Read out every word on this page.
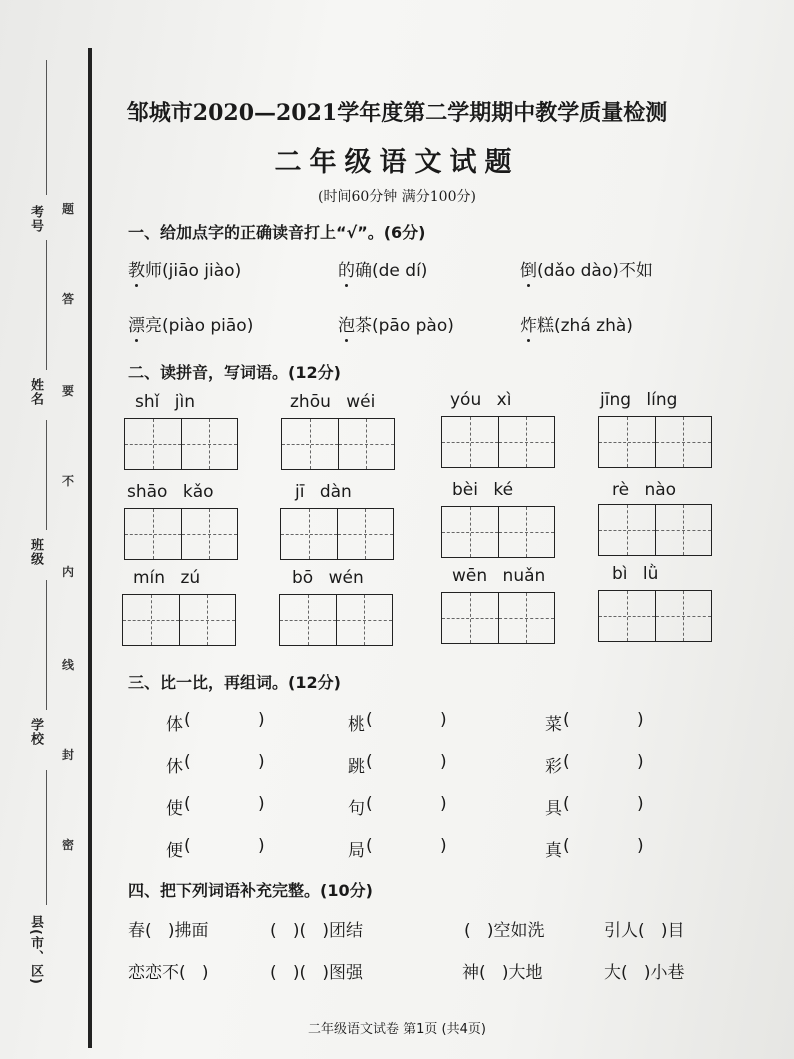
考号
姓名
班级
学校
县(市、区)
题
答
要
不
内
线
封
密
邹城市2020—2021学年度第二学期期中教学质量检测
二年级语文试题
(时间60分钟 满分100分)
一、给加点字的正确读音打上“√”。(6分)
教师(jiāo jiào)	的确(de dí)	倒(dǎo dào)不如
漂亮(piào piāo)	泡茶(pāo pào)	炸糕(zhá zhà)
二、读拼音，写词语。(12分)
shǐ jìn	zhōu wéi	yóu xì	jīng líng
shāo kǎo	jī dàn	bèi ké	rè nào
mín zú	bō wén	wēn nuǎn	bì lǜ
三、比一比，再组词。(12分)
体 (	)	桃 (	)	菜 (	)
休 (	)	跳 (	)	彩 (	)
使 (	)	句 (	)	具 (	)
便 (	)	局 (	)	真 (	)
四、把下列词语补充完整。(10分)
春(   )拂面	(   )(   )团结	(   )空如洗	引人(   )目
恋恋不(   )	(   )(   )图强	神(   )大地	大(   )小巷
二年级语文试卷 第1页 (共4页)
